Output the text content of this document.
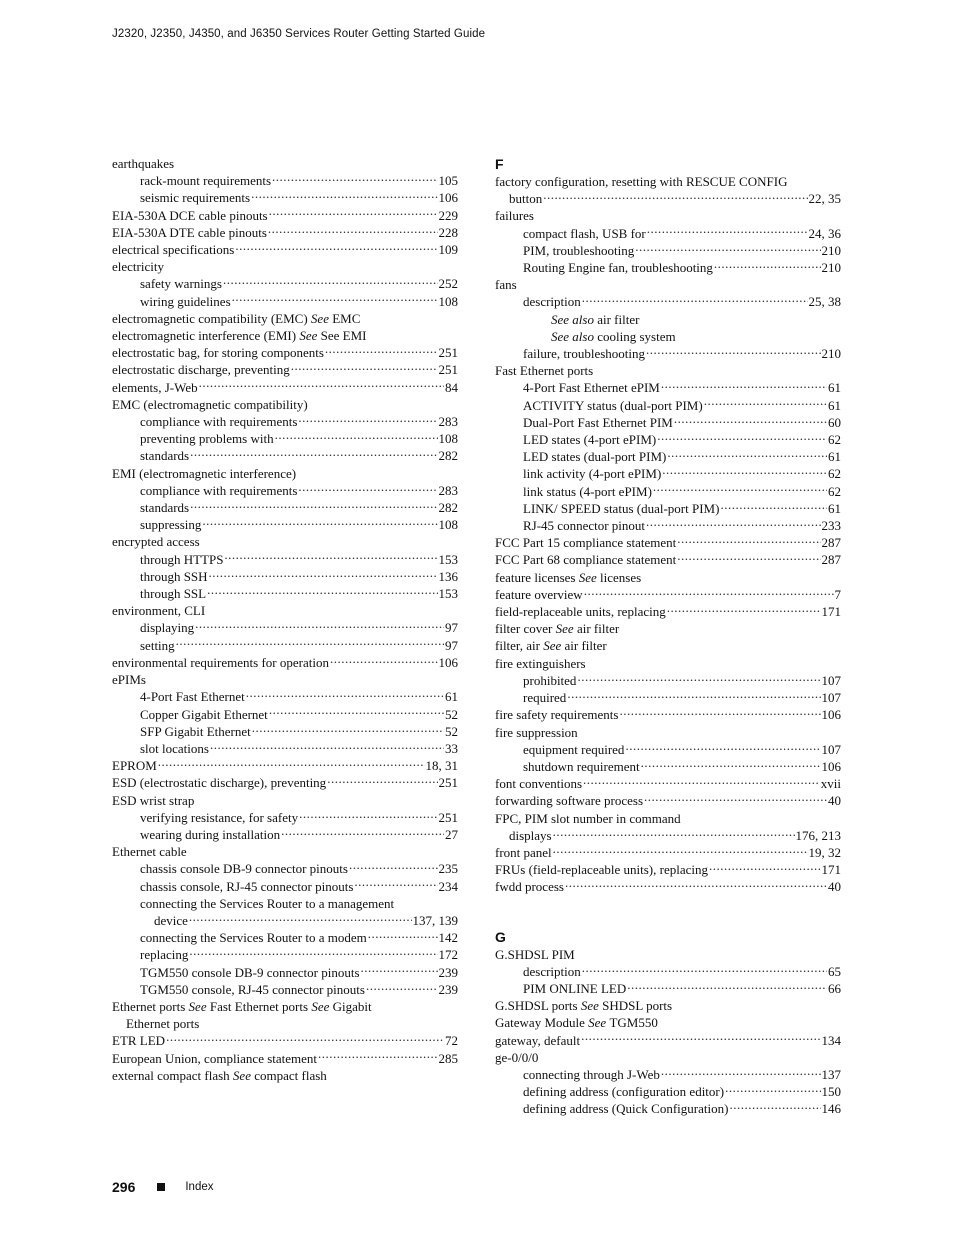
J2320, J2350, J4350, and J6350 Services Router Getting Started Guide
earthquakes
rack-mount requirements .....	105
seismic requirements .....	106
EIA-530A DCE cable pinouts .....	229
EIA-530A DTE cable pinouts .....	228
electrical specifications .....	109
electricity
safety warnings .....	252
wiring guidelines .....	108
electromagnetic compatibility (EMC)
See
EMC
electromagnetic interference (EMI)
See
See EMI
electrostatic bag, for storing components .....	251
electrostatic discharge, preventing .....	251
elements, J-Web .....	84
EMC (electromagnetic compatibility)
compliance with requirements .....	283
preventing problems with .....	108
standards .....	282
EMI (electromagnetic interference)
compliance with requirements .....	283
standards .....	282
suppressing .....	108
encrypted access
through HTTPS .....	153
through SSH .....	136
through SSL .....	153
environment, CLI
displaying .....	97
setting .....	97
environmental requirements for operation .....	106
ePIMs
4-Port Fast Ethernet .....	61
Copper Gigabit Ethernet .....	52
SFP Gigabit Ethernet .....	52
slot locations .....	33
EPROM .....	18, 31
ESD (electrostatic discharge), preventing .....	251
ESD wrist strap
verifying resistance, for safety .....	251
wearing during installation .....	27
Ethernet cable
chassis console DB-9 connector pinouts .....	235
chassis console, RJ-45 connector pinouts .....	234
connecting the Services Router to a management
device .....	137, 139
connecting the Services Router to a modem .....	142
replacing .....	172
TGM550 console DB-9 connector pinouts .....	239
TGM550 console, RJ-45 connector pinouts .....	239
Ethernet ports
See
Fast Ethernet ports
See
Gigabit
Ethernet ports
ETR LED .....	72
European Union, compliance statement .....	285
external compact flash
See
compact flash
F
factory configuration, resetting with RESCUE CONFIG
button .....	22, 35
failures
compact flash, USB for .....	24, 36
PIM, troubleshooting .....	210
Routing Engine fan, troubleshooting .....	210
fans
description .....	25, 38
See also
air filter
See also
cooling system
failure, troubleshooting .....	210
Fast Ethernet ports
4-Port Fast Ethernet ePIM .....	61
ACTIVITY status (dual-port PIM) .....	61
Dual-Port Fast Ethernet PIM .....	60
LED states (4-port ePIM) .....	62
LED states (dual-port PIM) .....	61
link activity (4-port ePIM) .....	62
link status (4-port ePIM) .....	62
LINK/ SPEED status (dual-port PIM) .....	61
RJ-45 connector pinout .....	233
FCC Part 15 compliance statement .....	287
FCC Part 68 compliance statement .....	287
feature licenses
See
licenses
feature overview .....	7
field-replaceable units, replacing .....	171
filter cover
See
air filter
filter, air
See
air filter
fire extinguishers
prohibited .....	107
required .....	107
fire safety requirements .....	106
fire suppression
equipment required .....	107
shutdown requirement .....	106
font conventions .....	xvii
forwarding software process .....	40
FPC, PIM slot number in command
displays .....	176, 213
front panel .....	19, 32
FRUs (field-replaceable units), replacing .....	171
fwdd process .....	40
G
G.SHDSL PIM
description .....	65
PIM ONLINE LED .....	66
G.SHDSL ports
See
SHDSL ports
Gateway Module
See
TGM550
gateway, default .....	134
ge-0/0/0
connecting through J-Web .....	137
defining address (configuration editor) .....	150
defining address (Quick Configuration) .....	146
296	Index
